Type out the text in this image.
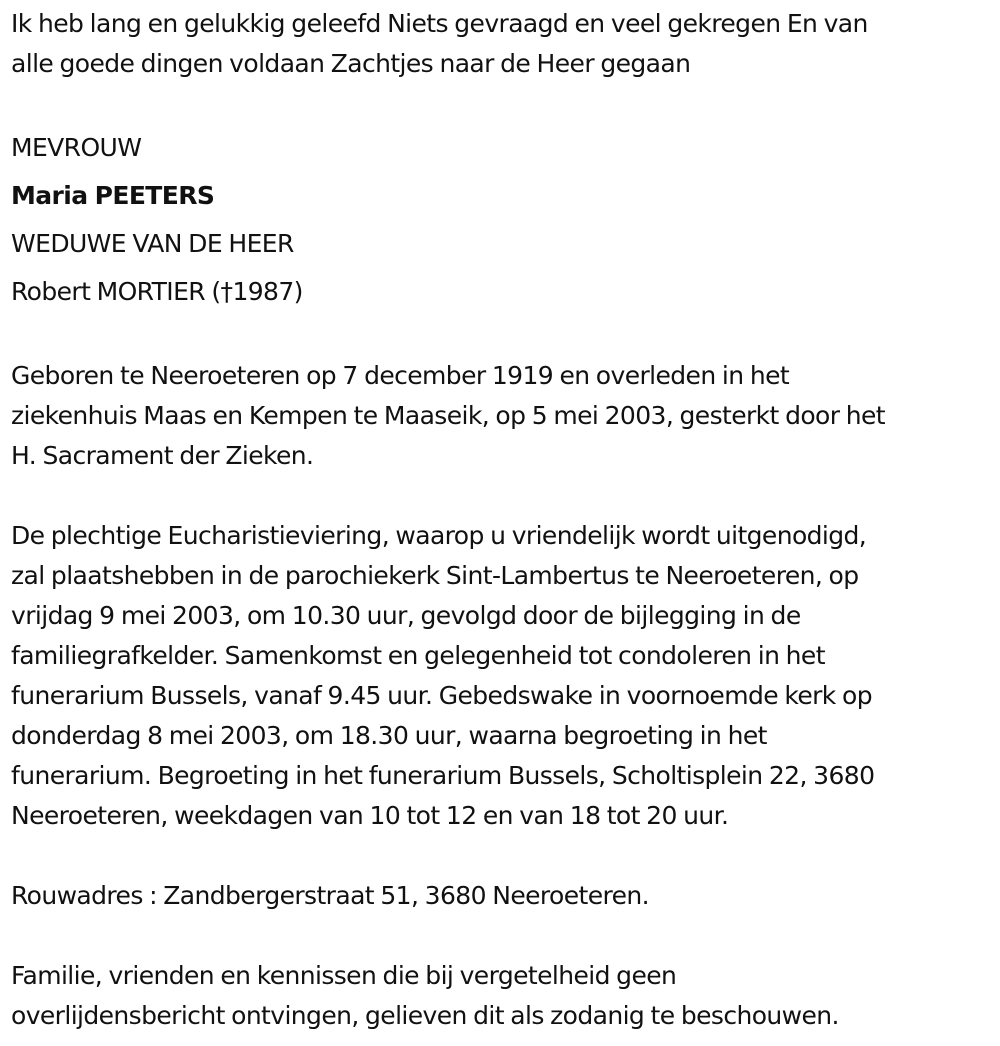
Ik heb lang en gelukkig geleefd Niets gevraagd en veel gekregen En van
alle goede dingen voldaan Zachtjes naar de Heer gegaan
MEVROUW
Maria PEETERS
WEDUWE VAN DE HEER
Robert MORTIER (†1987)
Geboren te Neeroeteren op 7 december 1919 en overleden in het
ziekenhuis Maas en Kempen te Maaseik, op 5 mei 2003, gesterkt door het
H. Sacrament der Zieken.
De plechtige Eucharistieviering, waarop u vriendelijk wordt uitgenodigd,
zal plaatshebben in de parochiekerk Sint-Lambertus te Neeroeteren, op
vrijdag 9 mei 2003, om 10.30 uur, gevolgd door de bijlegging in de
familiegrafkelder. Samenkomst en gelegenheid tot condoleren in het
funerarium Bussels, vanaf 9.45 uur. Gebedswake in voornoemde kerk op
donderdag 8 mei 2003, om 18.30 uur, waarna begroeting in het
funerarium. Begroeting in het funerarium Bussels, Scholtisplein 22, 3680
Neeroeteren, weekdagen van 10 tot 12 en van 18 tot 20 uur.
Rouwadres : Zandbergerstraat 51, 3680 Neeroeteren.
Familie, vrienden en kennissen die bij vergetelheid geen
overlijdensbericht ontvingen, gelieven dit als zodanig te beschouwen.
